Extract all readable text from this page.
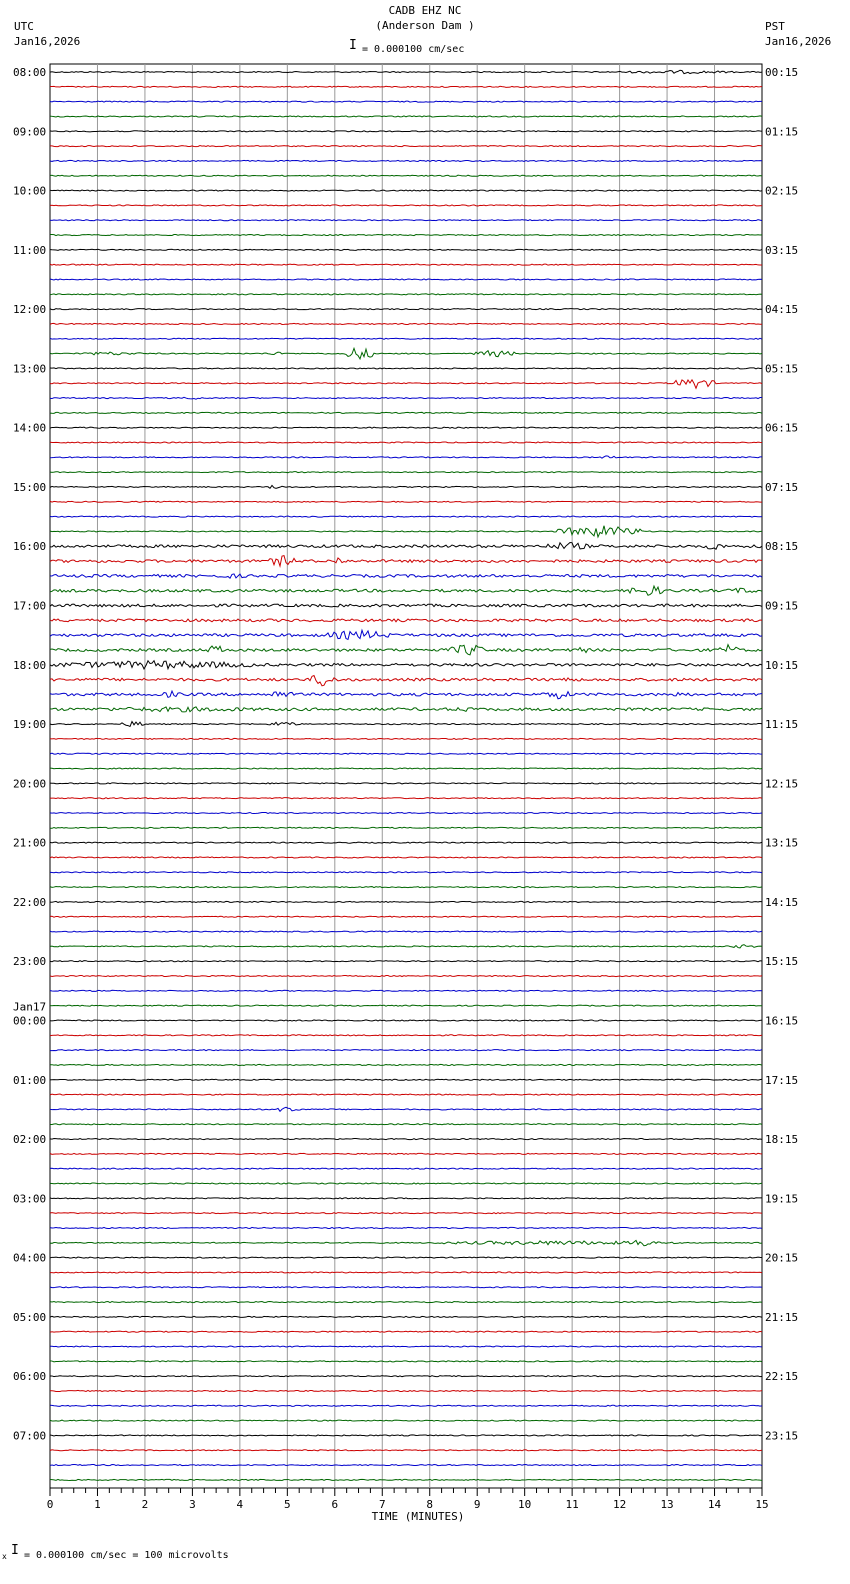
CADB EHZ NC
(Anderson Dam )
UTC
Jan16,2026
PST
Jan16,2026
I = 0.000100 cm/sec
08:00
09:00
10:00
11:00
12:00
13:00
14:00
15:00
16:00
17:00
18:00
19:00
20:00
21:00
22:00
23:00
Jan17
00:00
01:00
02:00
03:00
04:00
05:00
06:00
07:00
00:15
01:15
02:15
03:15
04:15
05:15
06:15
07:15
08:15
09:15
10:15
11:15
12:15
13:15
14:15
15:15
16:15
17:15
18:15
19:15
20:15
21:15
22:15
23:15
0	1	2	3	4	5	6	7	8	9	10	11	12	13	14	15
TIME (MINUTES)
x I = 0.000100 cm/sec = 100 microvolts
